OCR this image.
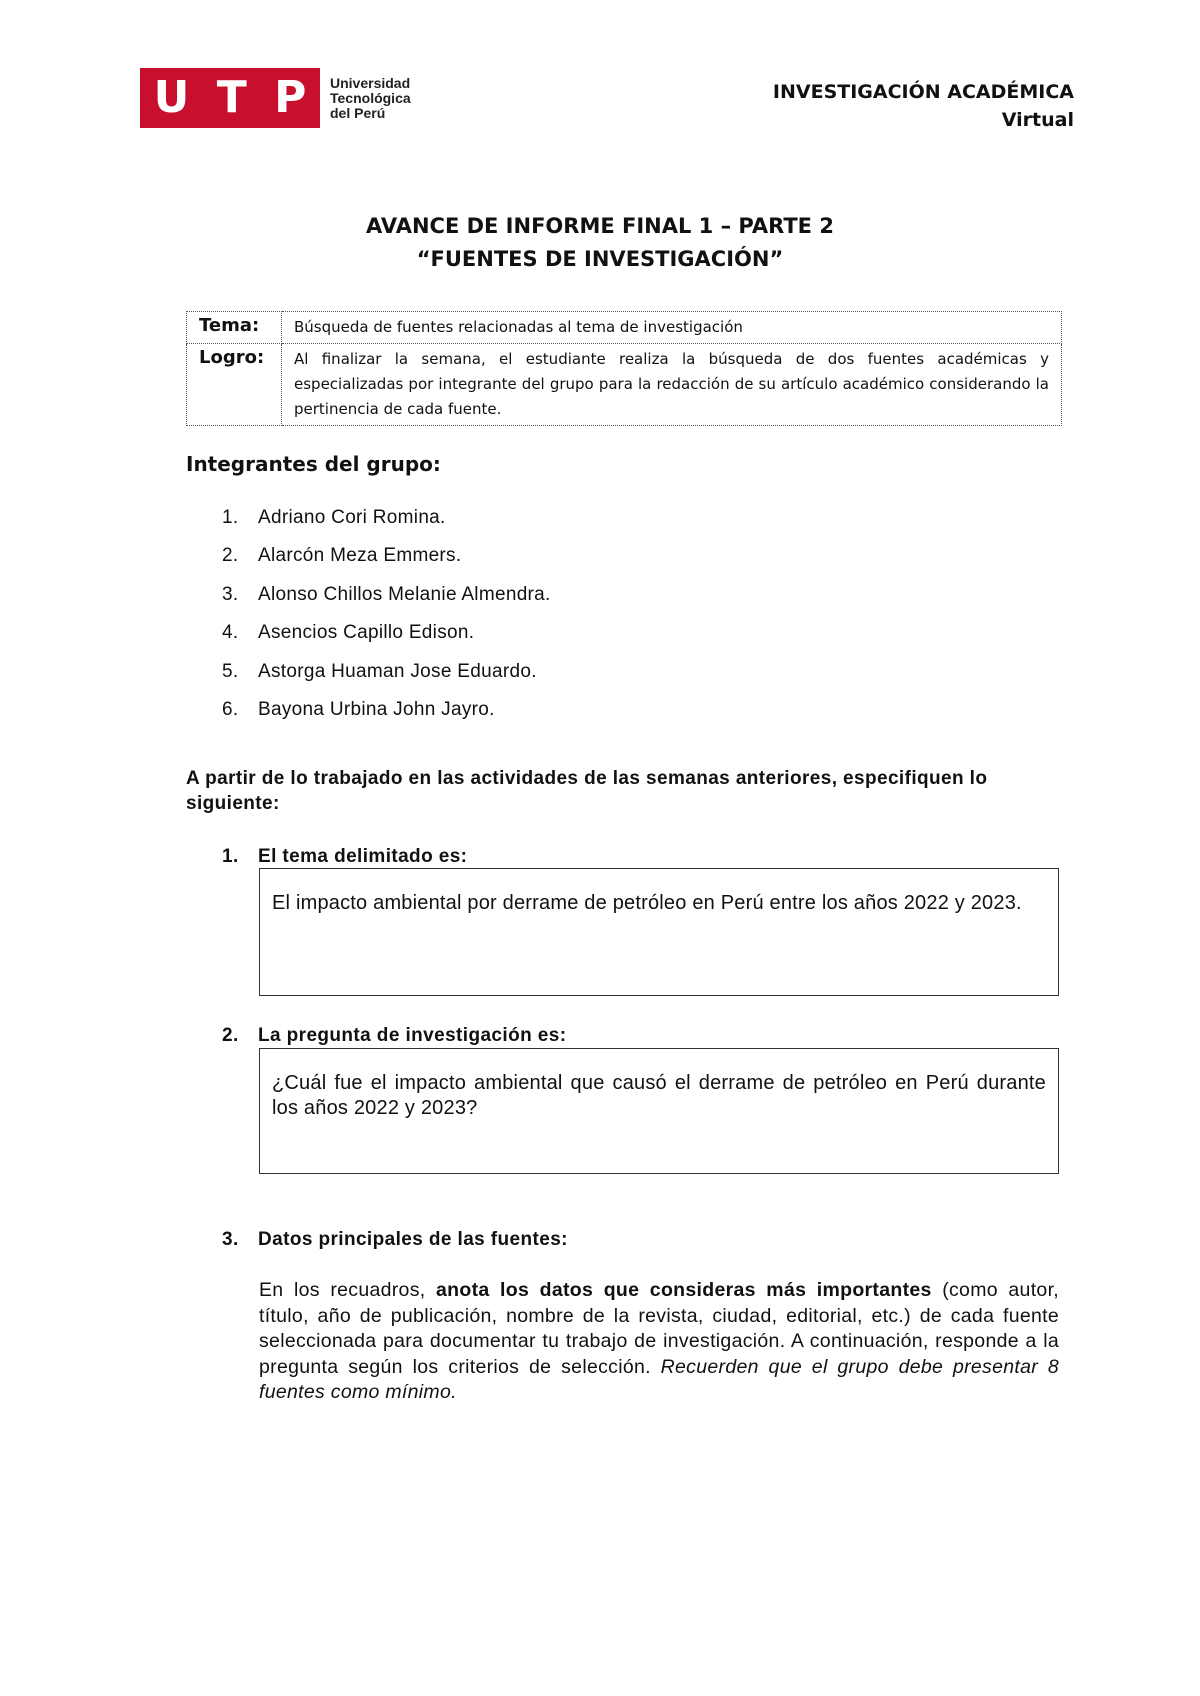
U T P Universidad
Tecnológica
del Perú
INVESTIGACIÓN ACADÉMICA
Virtual
AVANCE DE INFORME FINAL 1 – PARTE 2
“FUENTES DE INVESTIGACIÓN”
Tema:	Búsqueda de fuentes relacionadas al tema de investigación
Logro:	Al finalizar la semana, el estudiante realiza la búsqueda de dos fuentes académicas y especializadas por integrante del grupo para la redacción de su artículo académico considerando la pertinencia de cada fuente.
Integrantes del grupo:
1.	Adriano Cori Romina.
2.	Alarcón Meza Emmers.
3.	Alonso Chillos Melanie Almendra.
4.	Asencios Capillo Edison.
5.	Astorga Huaman Jose Eduardo.
6.	Bayona Urbina John Jayro.
A partir de lo trabajado en las actividades de las semanas anteriores, especifiquen lo siguiente:
1.	El tema delimitado es:
El impacto ambiental por derrame de petróleo en Perú entre los años 2022 y 2023.
2.	La pregunta de investigación es:
¿Cuál fue el impacto ambiental que causó el derrame de petróleo en Perú durante los años 2022 y 2023?
3.	Datos principales de las fuentes:
En los recuadros, anota los datos que consideras más importantes (como autor, título, año de publicación, nombre de la revista, ciudad, editorial, etc.) de cada fuente seleccionada para documentar tu trabajo de investigación. A continuación, responde a la pregunta según los criterios de selección. Recuerden que el grupo debe presentar 8 fuentes como mínimo.
